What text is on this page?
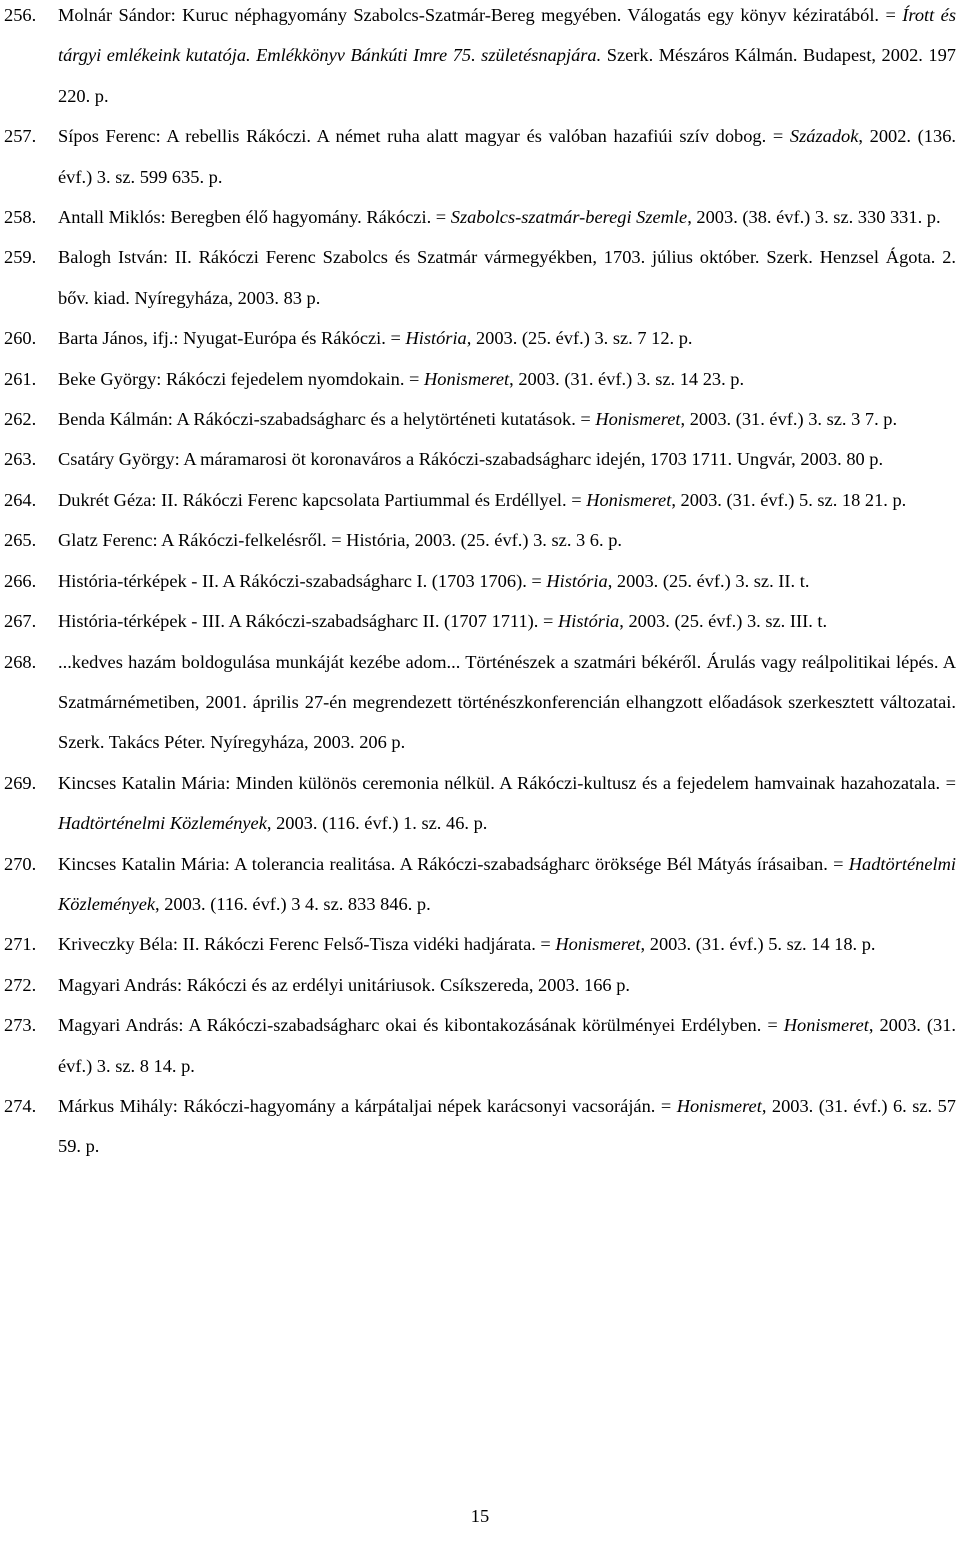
256. Molnár Sándor: Kuruc néphagyomány Szabolcs-Szatmár-Bereg megyében. Válogatás egy könyv kéziratából. = Írott és tárgyi emlékeink kutatója. Emlékkönyv Bánkúti Imre 75. születésnapjára. Szerk. Mészáros Kálmán. Budapest, 2002. 197 220. p.
257. Sípos Ferenc: A rebellis Rákóczi. A német ruha alatt magyar és valóban hazafiúi szív dobog. = Századok, 2002. (136. évf.) 3. sz. 599 635. p.
258. Antall Miklós: Beregben élő hagyomány. Rákóczi. = Szabolcs-szatmár-beregi Szemle, 2003. (38. évf.) 3. sz. 330 331. p.
259. Balogh István: II. Rákóczi Ferenc Szabolcs és Szatmár vármegyékben, 1703. július október. Szerk. Henzsel Ágota. 2. bőv. kiad. Nyíregyháza, 2003. 83 p.
260. Barta János, ifj.: Nyugat-Európa és Rákóczi. = História, 2003. (25. évf.) 3. sz. 7 12. p.
261. Beke György: Rákóczi fejedelem nyomdokain. = Honismeret, 2003. (31. évf.) 3. sz. 14 23. p.
262. Benda Kálmán: A Rákóczi-szabadságharc és a helytörténeti kutatások. = Honismeret, 2003. (31. évf.) 3. sz. 3 7. p.
263. Csatáry György: A máramarosi öt koronaváros a Rákóczi-szabadságharc idején, 1703 1711. Ungvár, 2003. 80 p.
264. Dukrét Géza: II. Rákóczi Ferenc kapcsolata Partiummal és Erdéllyel. = Honismeret, 2003. (31. évf.) 5. sz. 18 21. p.
265. Glatz Ferenc: A Rákóczi-felkelésről. = História, 2003. (25. évf.) 3. sz. 3 6. p.
266. História-térképek - II. A Rákóczi-szabadságharc I. (1703 1706). = História, 2003. (25. évf.) 3. sz. II. t.
267. História-térképek - III. A Rákóczi-szabadságharc II. (1707 1711). = História, 2003. (25. évf.) 3. sz. III. t.
268. ...kedves hazám boldogulása munkáját kezébe adom... Történészek a szatmári békéről. Árulás vagy reálpolitikai lépés. A Szatmárnémetiben, 2001. április 27-én megrendezett történészkonferencián elhangzott előadások szerkesztett változatai. Szerk. Takács Péter. Nyíregyháza, 2003. 206 p.
269. Kincses Katalin Mária: Minden különös ceremonia nélkül. A Rákóczi-kultusz és a fejedelem hamvainak hazahozatala. = Hadtörténelmi Közlemények, 2003. (116. évf.) 1. sz. 46. p.
270. Kincses Katalin Mária: A tolerancia realitása. A Rákóczi-szabadságharc öröksége Bél Mátyás írásaiban. = Hadtörténelmi Közlemények, 2003. (116. évf.) 3 4. sz. 833 846. p.
271. Kriveczky Béla: II. Rákóczi Ferenc Felső-Tisza vidéki hadjárata. = Honismeret, 2003. (31. évf.) 5. sz. 14 18. p.
272. Magyari András: Rákóczi és az erdélyi unitáriusok. Csíkszereda, 2003. 166 p.
273. Magyari András: A Rákóczi-szabadságharc okai és kibontakozásának körülményei Erdélyben. = Honismeret, 2003. (31. évf.) 3. sz. 8 14. p.
274. Márkus Mihály: Rákóczi-hagyomány a kárpátaljai népek karácsonyi vacsoráján. = Honismeret, 2003. (31. évf.) 6. sz. 57 59. p.
15
